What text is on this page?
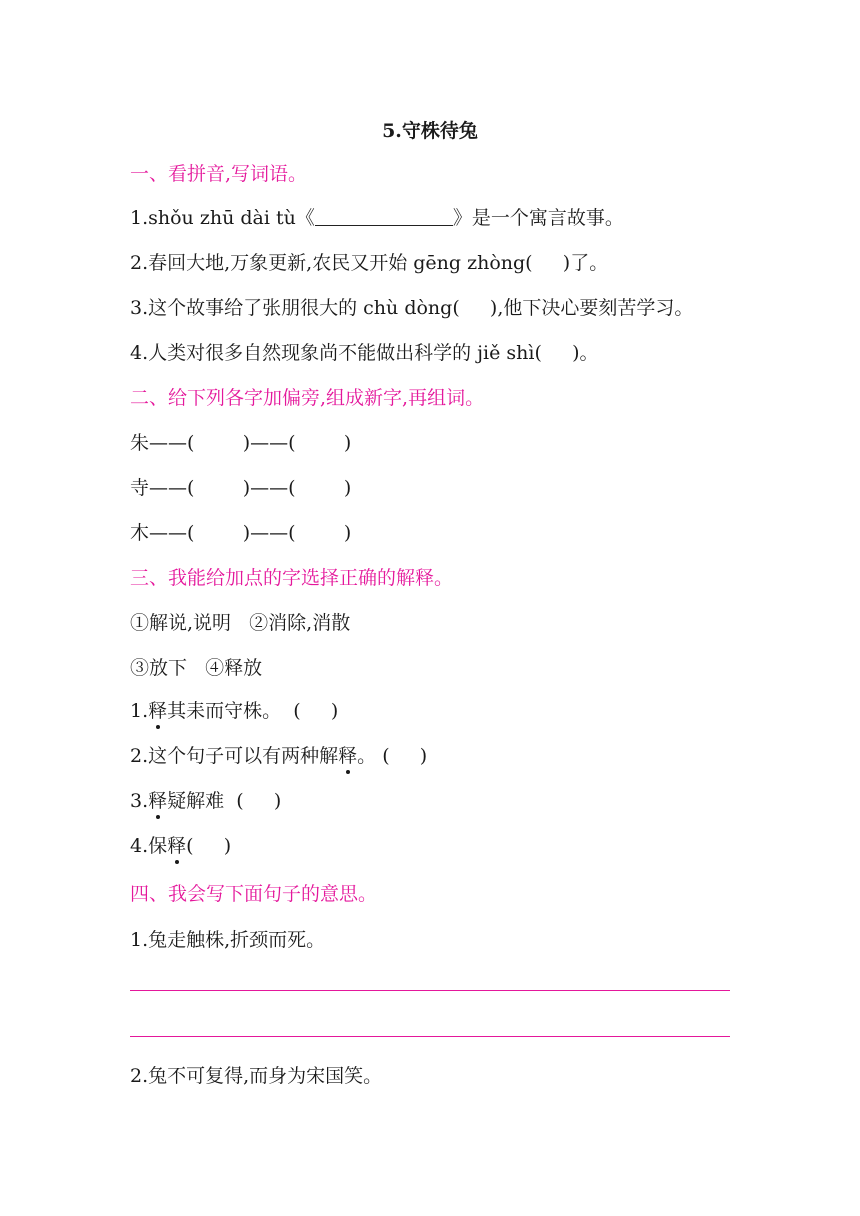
5.守株待兔
一、看拼音,写词语。
1.shǒu zhū dài tù《	》是一个寓言故事。
2.春回大地,万象更新,农民又开始 gēng zhòng(     )了。
3.这个故事给了张朋很大的 chù dòng(     ),他下决心要刻苦学习。
4.人类对很多自然现象尚不能做出科学的 jiě shì(     )。
二、给下列各字加偏旁,组成新字,再组词。
朱——(        )——(        )
寺——(        )——(        )
木——(        )——(        )
三、我能给加点的字选择正确的解释。
①解说,说明   ②消除,消散
③放下   ④释放
1.释其耒而守株。  (     )
2.这个句子可以有两种解释。 (     )
3.释疑解难  (     )
4.保释(     )
四、我会写下面句子的意思。
1.兔走触株,折颈而死。
2.兔不可复得,而身为宋国笑。
